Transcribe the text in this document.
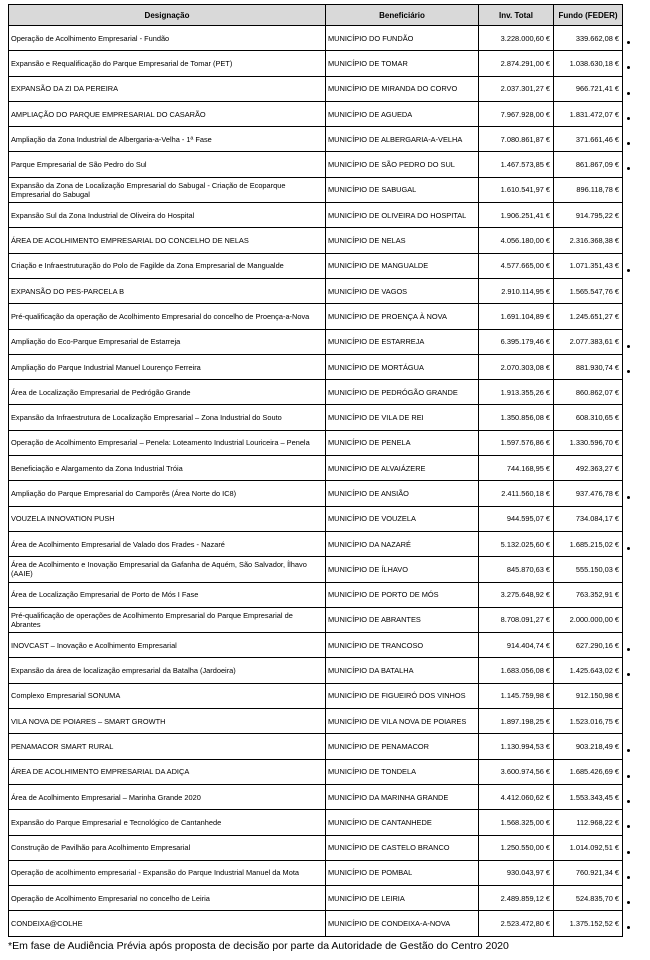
Designação	Beneficiário	Inv. Total	Fundo (FEDER)
Operação de Acolhimento Empresarial - Fundão	MUNICÍPIO DO FUNDÃO	3.228.000,60 €	339.662,08 €
Expansão e Requalificação do Parque Empresarial de Tomar (PET)	MUNICÍPIO DE TOMAR	2.874.291,00 €	1.038.630,18 €
EXPANSÃO DA ZI DA PEREIRA	MUNICÍPIO DE MIRANDA DO CORVO	2.037.301,27 €	966.721,41 €
AMPLIAÇÃO DO PARQUE EMPRESARIAL DO CASARÃO	MUNICÍPIO DE AGUEDA	7.967.928,00 €	1.831.472,07 €
Ampliação da Zona Industrial de Albergaria-a-Velha - 1ª Fase	MUNICÍPIO DE ALBERGARIA-A-VELHA	7.080.861,87 €	371.661,46 €
Parque Empresarial de São Pedro do Sul	MUNICÍPIO DE SÃO PEDRO DO SUL	1.467.573,85 €	861.867,09 €
Expansão da Zona de Localização Empresarial do Sabugal - Criação de Ecoparque Empresarial do Sabugal	MUNICÍPIO DE SABUGAL	1.610.541,97 €	896.118,78 €
Expansão Sul da Zona Industrial de Oliveira do Hospital	MUNICÍPIO DE OLIVEIRA DO HOSPITAL	1.906.251,41 €	914.795,22 €
ÁREA DE ACOLHIMENTO EMPRESARIAL DO CONCELHO DE NELAS	MUNICÍPIO DE NELAS	4.056.180,00 €	2.316.368,38 €
Criação e Infraestruturação do Polo de Fagilde da Zona Empresarial de Mangualde	MUNICÍPIO DE MANGUALDE	4.577.665,00 €	1.071.351,43 €
EXPANSÃO DO PES-PARCELA B	MUNICÍPIO DE VAGOS	2.910.114,95 €	1.565.547,76 €
Pré-qualificação da operação de Acolhimento Empresarial do concelho de Proença-a-Nova	MUNICÍPIO DE PROENÇA À NOVA	1.691.104,89 €	1.245.651,27 €
Ampliação do Eco-Parque Empresarial de Estarreja	MUNICÍPIO DE ESTARREJA	6.395.179,46 €	2.077.383,61 €
Ampliação do Parque Industrial Manuel Lourenço Ferreira	MUNICÍPIO DE MORTÁGUA	2.070.303,08 €	881.930,74 €
Área de Localização Empresarial de Pedrógão Grande	MUNICÍPIO DE PEDRÓGÃO GRANDE	1.913.355,26 €	860.862,07 €
Expansão da Infraestrutura de Localização Empresarial – Zona Industrial do Souto	MUNICÍPIO DE VILA DE REI	1.350.856,08 €	608.310,65 €
Operação de Acolhimento Empresarial – Penela: Loteamento Industrial Louriceira – Penela	MUNICÍPIO DE PENELA	1.597.576,86 €	1.330.596,70 €
Beneficiação e Alargamento da Zona Industrial Tróia	MUNICÍPIO DE ALVAIÁZERE	744.168,95 €	492.363,27 €
Ampliação do Parque Empresarial do Camporês (Área Norte do IC8)	MUNICÍPIO DE ANSIÃO	2.411.560,18 €	937.476,78 €
VOUZELA INNOVATION PUSH	MUNICÍPIO DE VOUZELA	944.595,07 €	734.084,17 €
Área de Acolhimento Empresarial de Valado dos Frades - Nazaré	MUNICÍPIO DA NAZARÉ	5.132.025,60 €	1.685.215,02 €
Área de Acolhimento e Inovação Empresarial da Gafanha de Aquém, São Salvador, Ílhavo (AAIE)	MUNICÍPIO DE ÍLHAVO	845.870,63 €	555.150,03 €
Área de Localização Empresarial de Porto de Mós I Fase	MUNICÍPIO DE PORTO DE MÓS	3.275.648,92 €	763.352,91 €
Pré-qualificação de operações de Acolhimento Empresarial do Parque Empresarial de Abrantes	MUNICÍPIO DE ABRANTES	8.708.091,27 €	2.000.000,00 €
INOVCAST – Inovação e Acolhimento Empresarial	MUNICÍPIO DE TRANCOSO	914.404,74 €	627.290,16 €
Expansão da área de localização empresarial da Batalha (Jardoeira)	MUNICÍPIO DA BATALHA	1.683.056,08 €	1.425.643,02 €
Complexo Empresarial SONUMA	MUNICÍPIO DE FIGUEIRÓ DOS VINHOS	1.145.759,98 €	912.150,98 €
VILA NOVA DE POIARES – SMART GROWTH	MUNICÍPIO DE VILA NOVA DE POIARES	1.897.198,25 €	1.523.016,75 €
PENAMACOR SMART RURAL	MUNICÍPIO DE PENAMACOR	1.130.994,53 €	903.218,49 €
ÁREA DE ACOLHIMENTO EMPRESARIAL DA ADIÇA	MUNICÍPIO DE TONDELA	3.600.974,56 €	1.685.426,69 €
Área de Acolhimento Empresarial – Marinha Grande 2020	MUNICÍPIO DA MARINHA GRANDE	4.412.060,62 €	1.553.343,45 €
Expansão do Parque Empresarial e Tecnológico de Cantanhede	MUNICÍPIO DE CANTANHEDE	1.568.325,00 €	112.968,22 €
Construção de Pavilhão para Acolhimento Empresarial	MUNICÍPIO DE CASTELO BRANCO	1.250.550,00 €	1.014.092,51 €
Operação de acolhimento empresarial - Expansão do Parque Industrial Manuel da Mota	MUNICÍPIO DE POMBAL	930.043,97 €	760.921,34 €
Operação de Acolhimento Empresarial no concelho de Leiria	MUNICÍPIO DE LEIRIA	2.489.859,12 €	524.835,70 €
CONDEIXA@COLHE	MUNICÍPIO DE CONDEIXA-A-NOVA	2.523.472,80 €	1.375.152,52 €
*Em fase de Audiência Prévia após proposta de decisão por parte da Autoridade de Gestão do Centro 2020
